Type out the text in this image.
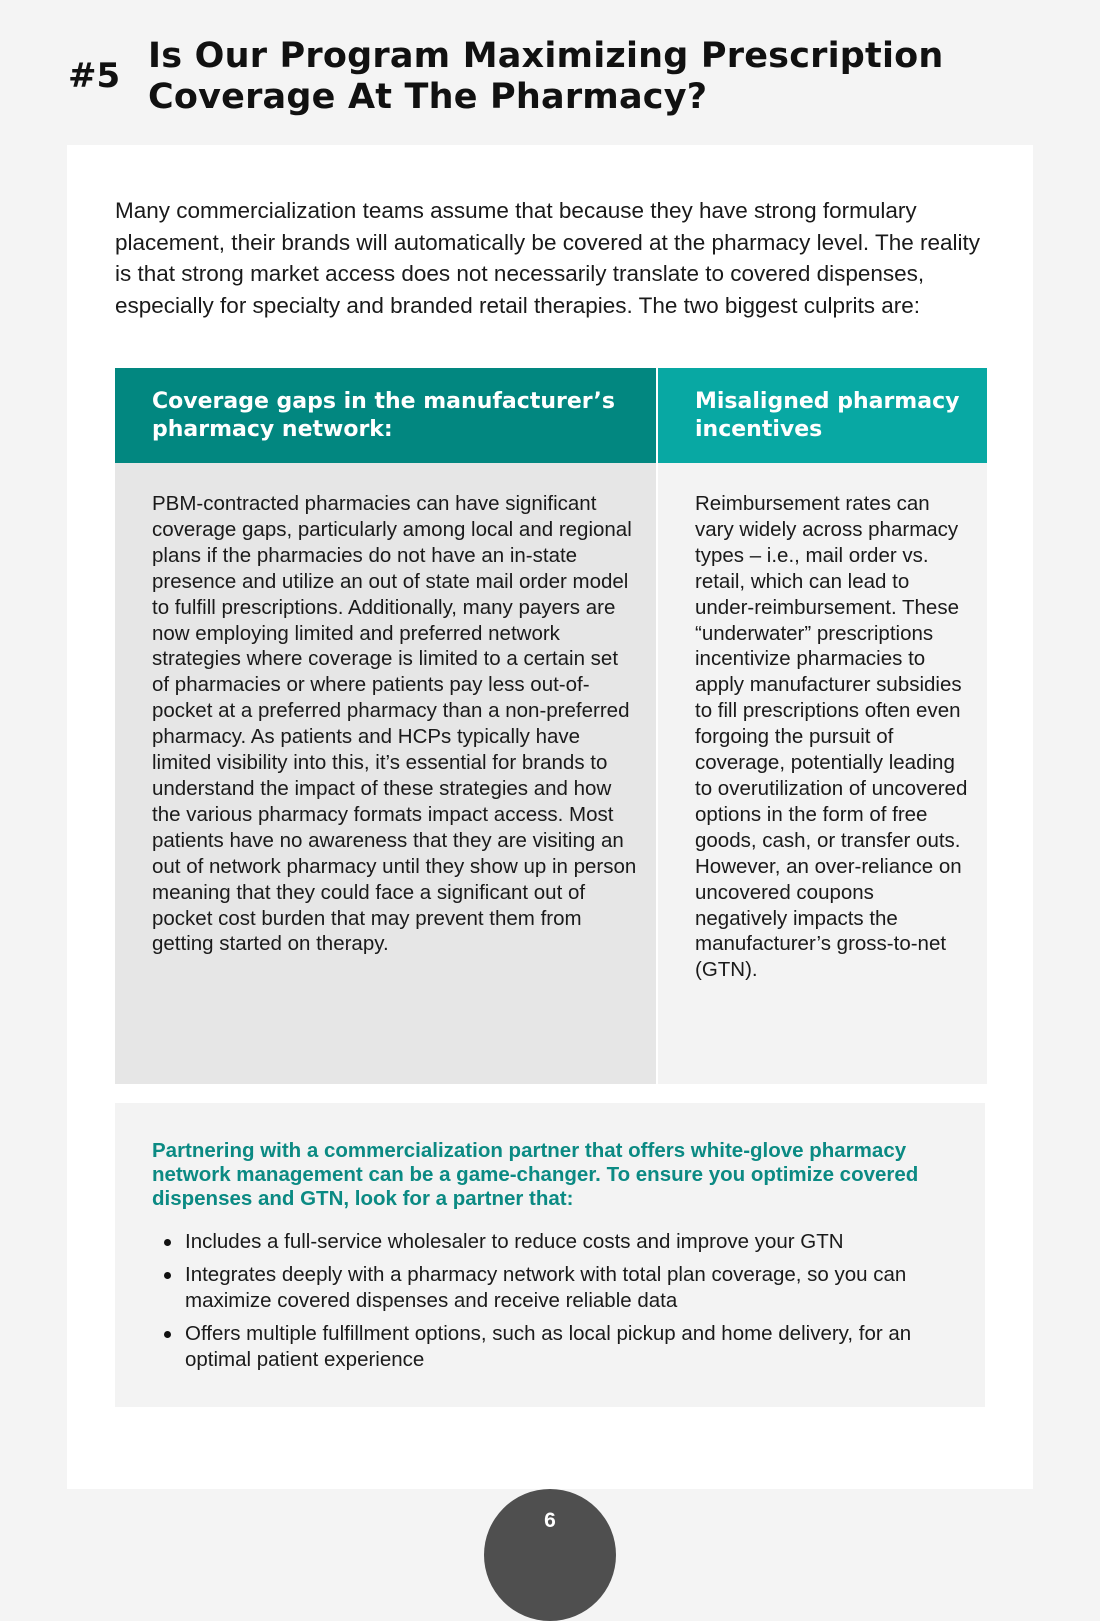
#5 Is Our Program Maximizing Prescription Coverage At The Pharmacy?

Many commercialization teams assume that because they have strong formulary placement, their brands will automatically be covered at the pharmacy level. The reality is that strong market access does not necessarily translate to covered dispenses, especially for specialty and branded retail therapies. The two biggest culprits are:

Coverage gaps in the manufacturer’s pharmacy network:
Misaligned pharmacy incentives

PBM-contracted pharmacies can have significant coverage gaps, particularly among local and regional plans if the pharmacies do not have an in-state presence and utilize an out of state mail order model to fulfill prescriptions. Additionally, many payers are now employing limited and preferred network strategies where coverage is limited to a certain set of pharmacies or where patients pay less out-of-pocket at a preferred pharmacy than a non-preferred pharmacy. As patients and HCPs typically have limited visibility into this, it’s essential for brands to understand the impact of these strategies and how the various pharmacy formats impact access. Most patients have no awareness that they are visiting an out of network pharmacy until they show up in person meaning that they could face a significant out of pocket cost burden that may prevent them from getting started on therapy.

Reimbursement rates can vary widely across pharmacy types – i.e., mail order vs. retail, which can lead to under-reimbursement. These “underwater” prescriptions incentivize pharmacies to apply manufacturer subsidies to fill prescriptions often even forgoing the pursuit of coverage, potentially leading to overutilization of uncovered options in the form of free goods, cash, or transfer outs. However, an over-reliance on uncovered coupons negatively impacts the manufacturer’s gross-to-net (GTN).

Partnering with a commercialization partner that offers white-glove pharmacy network management can be a game-changer. To ensure you optimize covered dispenses and GTN, look for a partner that:

Includes a full-service wholesaler to reduce costs and improve your GTN
Integrates deeply with a pharmacy network with total plan coverage, so you can maximize covered dispenses and receive reliable data
Offers multiple fulfillment options, such as local pickup and home delivery, for an optimal patient experience
6
